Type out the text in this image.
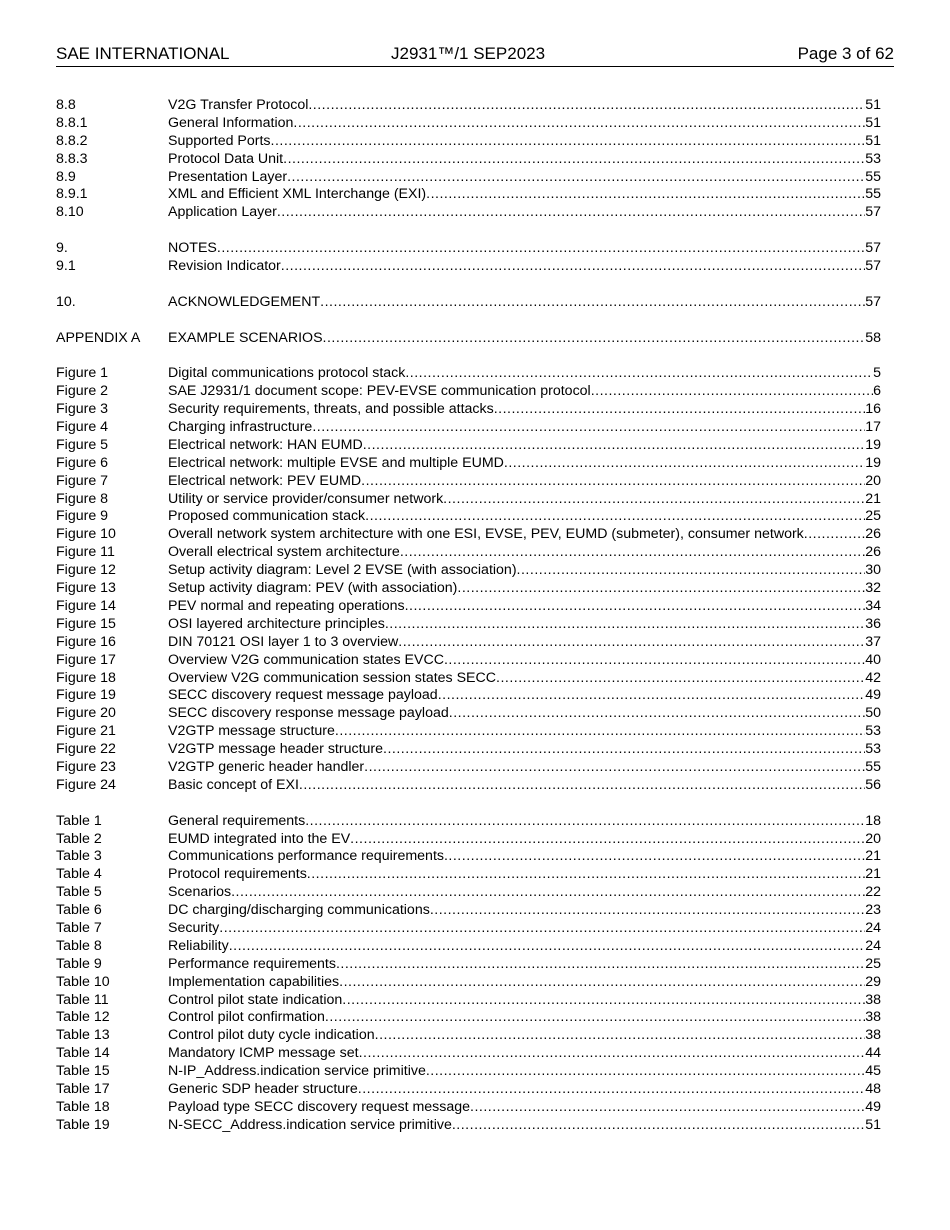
SAE INTERNATIONAL	J2931™/1 SEP2023	Page 3 of 62
8.8	V2G Transfer Protocol .....	51
8.8.1	General Information .....	51
8.8.2	Supported Ports .....	51
8.8.3	Protocol Data Unit .....	53
8.9	Presentation Layer .....	55
8.9.1	XML and Efficient XML Interchange (EXI) .....	55
8.10	Application Layer .....	57
9.	NOTES .....	57
9.1	Revision Indicator .....	57
10.	ACKNOWLEDGEMENT .....	57
APPENDIX A	EXAMPLE SCENARIOS .....	58
Figure 1	Digital communications protocol stack .....	5
Figure 2	SAE J2931/1 document scope: PEV-EVSE communication protocol .....	6
Figure 3	Security requirements, threats, and possible attacks .....	16
Figure 4	Charging infrastructure .....	17
Figure 5	Electrical network: HAN EUMD .....	19
Figure 6	Electrical network: multiple EVSE and multiple EUMD .....	19
Figure 7	Electrical network: PEV EUMD .....	20
Figure 8	Utility or service provider/consumer network .....	21
Figure 9	Proposed communication stack .....	25
Figure 10	Overall network system architecture with one ESI, EVSE, PEV, EUMD (submeter), consumer network .....	26
Figure 11	Overall electrical system architecture .....	26
Figure 12	Setup activity diagram: Level 2 EVSE (with association) .....	30
Figure 13	Setup activity diagram: PEV (with association) .....	32
Figure 14	PEV normal and repeating operations .....	34
Figure 15	OSI layered architecture principles .....	36
Figure 16	DIN 70121 OSI layer 1 to 3 overview .....	37
Figure 17	Overview V2G communication states EVCC .....	40
Figure 18	Overview V2G communication session states SECC .....	42
Figure 19	SECC discovery request message payload .....	49
Figure 20	SECC discovery response message payload .....	50
Figure 21	V2GTP message structure .....	53
Figure 22	V2GTP message header structure .....	53
Figure 23	V2GTP generic header handler .....	55
Figure 24	Basic concept of EXI .....	56
Table 1	General requirements .....	18
Table 2	EUMD integrated into the EV .....	20
Table 3	Communications performance requirements .....	21
Table 4	Protocol requirements .....	21
Table 5	Scenarios .....	22
Table 6	DC charging/discharging communications .....	23
Table 7	Security .....	24
Table 8	Reliability .....	24
Table 9	Performance requirements .....	25
Table 10	Implementation capabilities .....	29
Table 11	Control pilot state indication .....	38
Table 12	Control pilot confirmation .....	38
Table 13	Control pilot duty cycle indication .....	38
Table 14	Mandatory ICMP message set .....	44
Table 15	N-IP_Address.indication service primitive .....	45
Table 17	Generic SDP header structure .....	48
Table 18	Payload type SECC discovery request message .....	49
Table 19	N-SECC_Address.indication service primitive .....	51
